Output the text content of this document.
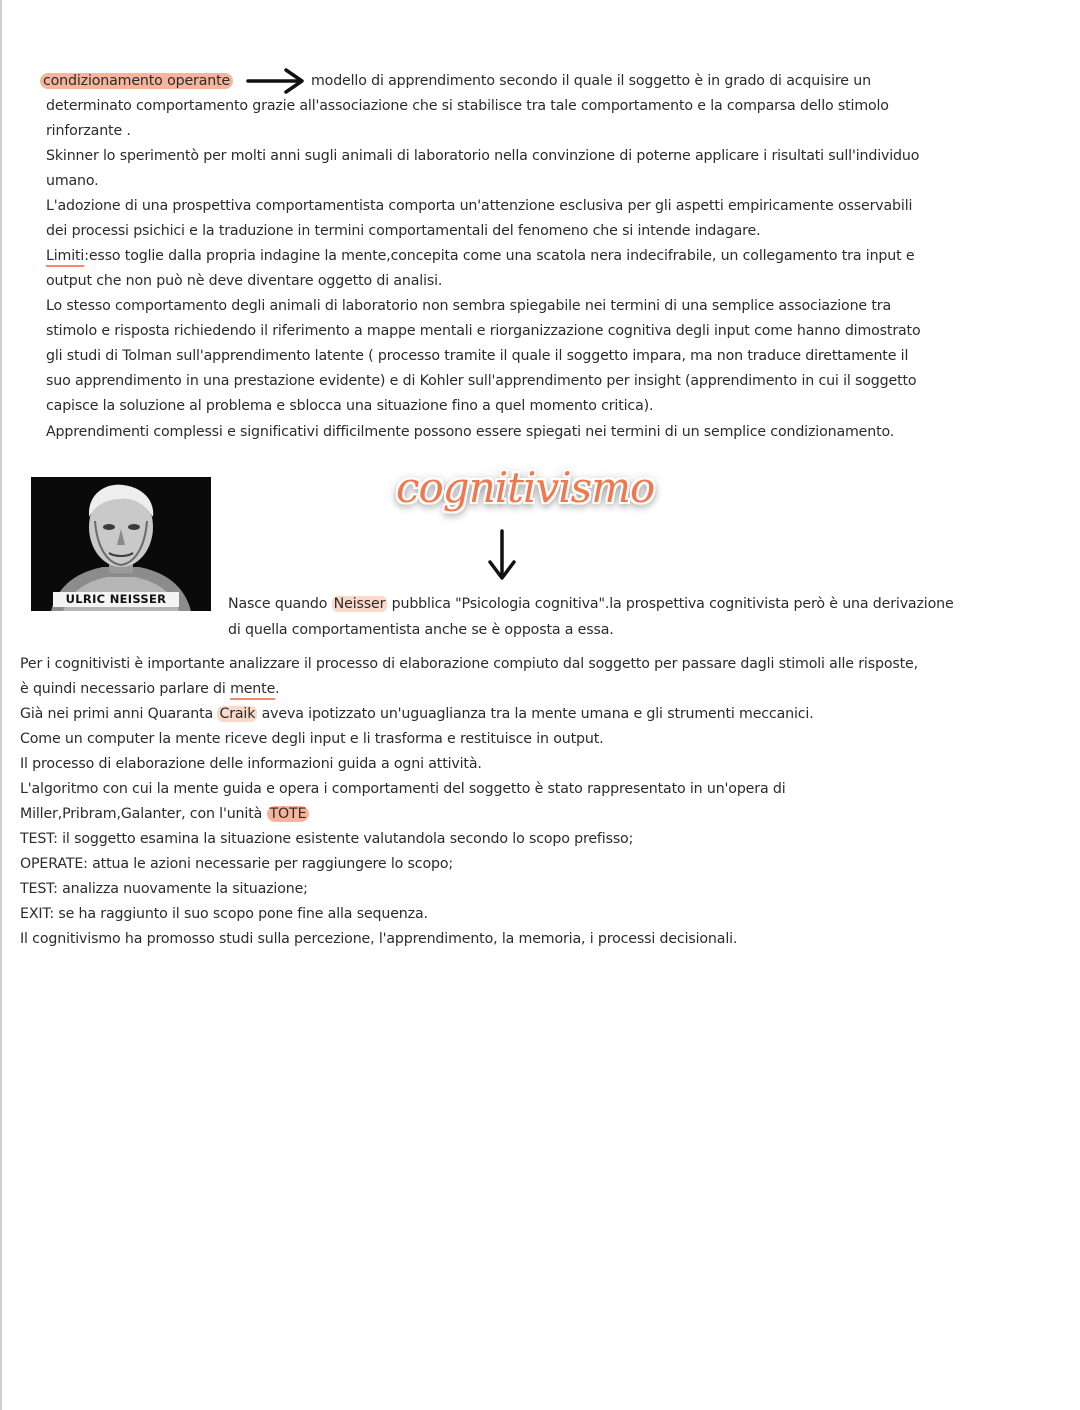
condizionamento operante	modello di apprendimento secondo il quale il soggetto è in grado di acquisire un
determinato comportamento grazie all'associazione che si stabilisce tra tale comportamento e la comparsa dello stimolo
rinforzante .
Skinner lo sperimentò per molti anni sugli animali di laboratorio nella convinzione di poterne applicare i risultati sull'individuo
umano.
L'adozione di una prospettiva comportamentista comporta un'attenzione esclusiva per gli aspetti empiricamente osservabili
dei processi psichici e la traduzione in termini comportamentali del fenomeno che si intende indagare.
Limiti:esso toglie dalla propria indagine la mente,concepita come una scatola nera indecifrabile, un collegamento tra input e
output che non può nè deve diventare oggetto di analisi.
Lo stesso comportamento degli animali di laboratorio non sembra spiegabile nei termini di una semplice associazione tra
stimolo e risposta richiedendo il riferimento a mappe mentali e riorganizzazione cognitiva degli input come hanno dimostrato
gli studi di Tolman sull'apprendimento latente ( processo tramite il quale il soggetto impara, ma non traduce direttamente il
suo apprendimento in una prestazione evidente) e di Kohler sull'apprendimento per insight (apprendimento in cui il soggetto
capisce la soluzione al problema e sblocca una situazione fino a quel momento critica).
Apprendimenti complessi e significativi difficilmente possono essere spiegati nei termini di un semplice condizionamento.
ULRIC NEISSER
cognitivismo
Nasce quando Neisser pubblica "Psicologia cognitiva".la prospettiva cognitivista però è una derivazione
di quella comportamentista anche se è opposta a essa.
Per i cognitivisti è importante analizzare il processo di elaborazione compiuto dal soggetto per passare dagli stimoli alle risposte,
è quindi necessario parlare di mente.
Già nei primi anni Quaranta Craik aveva ipotizzato un'uguaglianza tra la mente umana e gli strumenti meccanici.
Come un computer la mente riceve degli input e li trasforma e restituisce in output.
Il processo di elaborazione delle informazioni guida a ogni attività.
L'algoritmo con cui la mente guida e opera i comportamenti del soggetto è stato rappresentato in un'opera di
Miller,Pribram,Galanter, con l'unità TOTE
TEST: il soggetto esamina la situazione esistente valutandola secondo lo scopo prefisso;
OPERATE: attua le azioni necessarie per raggiungere lo scopo;
TEST: analizza nuovamente la situazione;
EXIT: se ha raggiunto il suo scopo pone fine alla sequenza.
Il cognitivismo ha promosso studi sulla percezione, l'apprendimento, la memoria, i processi decisionali.
